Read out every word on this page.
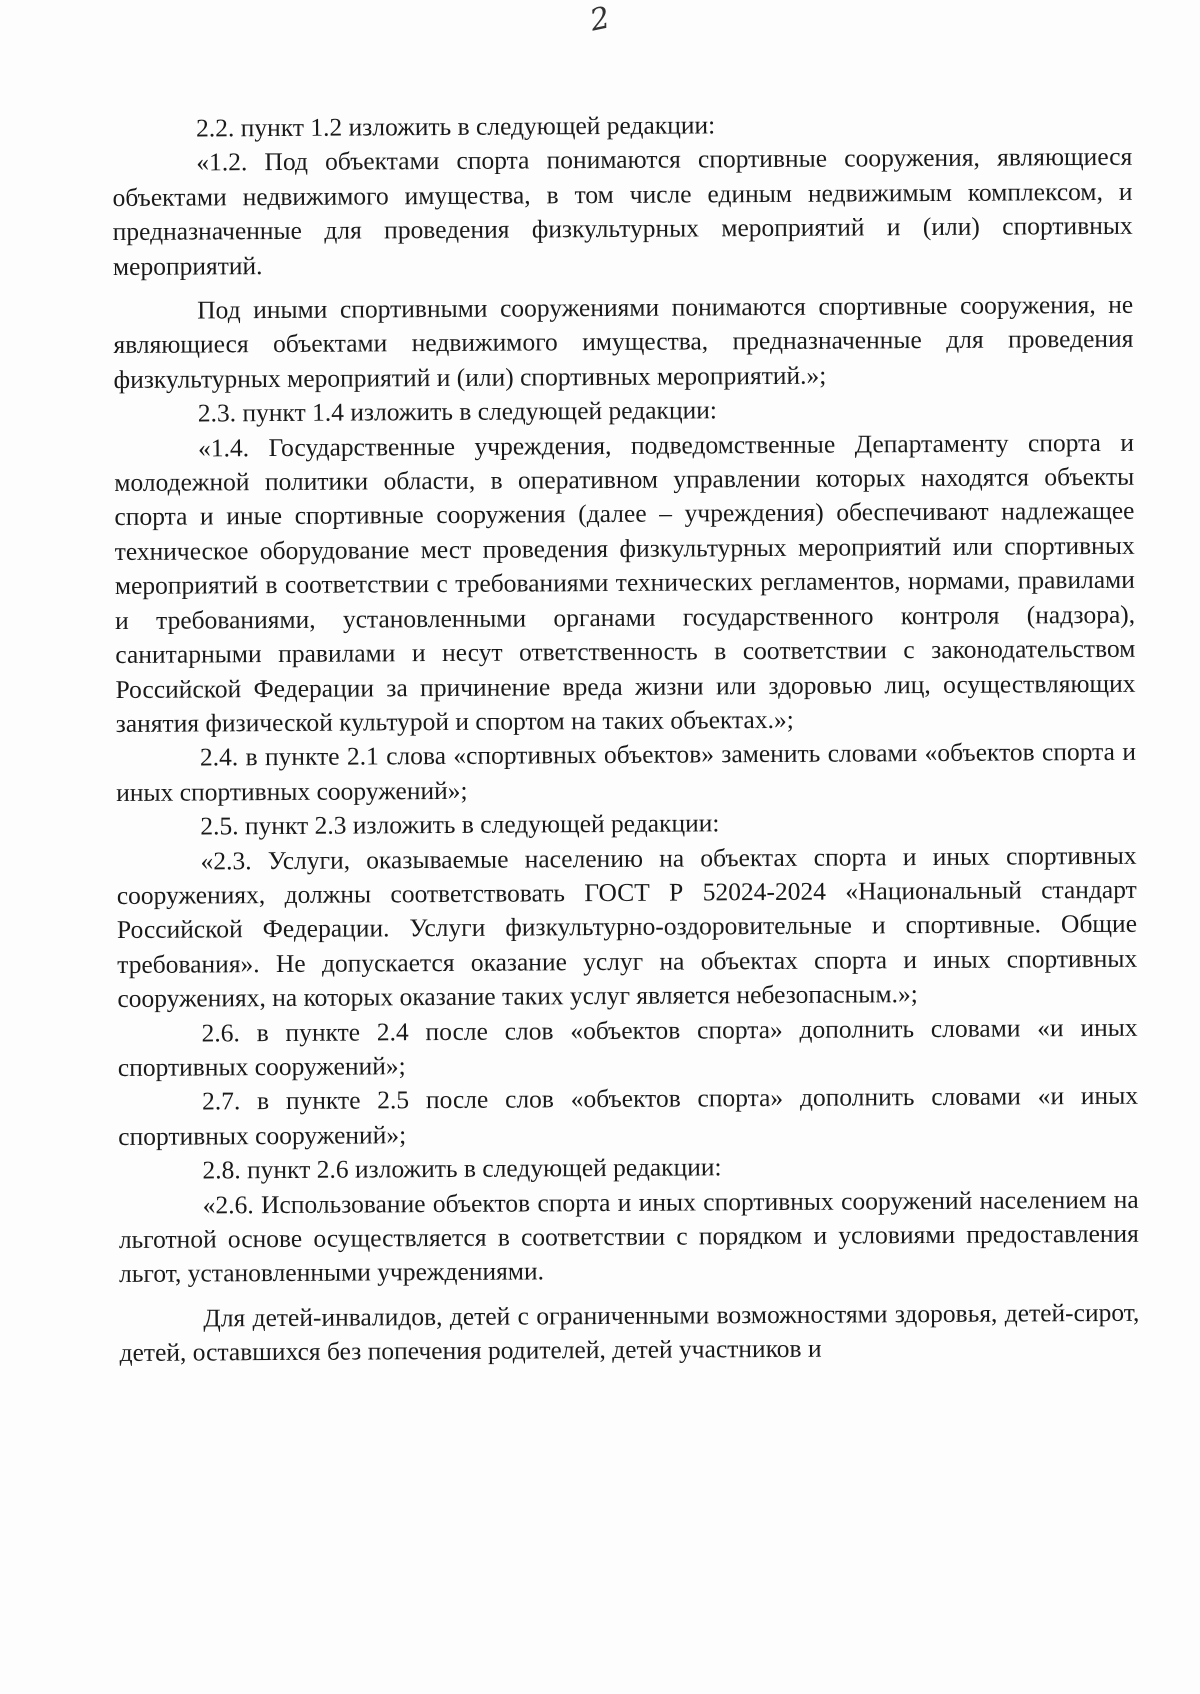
2

2.2. пункт 1.2 изложить в следующей редакции:

«1.2. Под объектами спорта понимаются спортивные сооружения, являющиеся объектами недвижимого имущества, в том числе единым недвижимым комплексом, и предназначенные для проведения физкультурных мероприятий и (или) спортивных мероприятий.

Под иными спортивными сооружениями понимаются спортивные сооружения, не являющиеся объектами недвижимого имущества, предназначенные для проведения физкультурных мероприятий и (или) спортивных мероприятий.»;

2.3. пункт 1.4 изложить в следующей редакции:

«1.4. Государственные учреждения, подведомственные Департаменту спорта и молодежной политики области, в оперативном управлении которых находятся объекты спорта и иные спортивные сооружения (далее – учреждения) обеспечивают надлежащее техническое оборудование мест проведения физкультурных мероприятий или спортивных мероприятий в соответствии с требованиями технических регламентов, нормами, правилами и требованиями, установленными органами государственного контроля (надзора), санитарными правилами и несут ответственность в соответствии с законодательством Российской Федерации за причинение вреда жизни или здоровью лиц, осуществляющих занятия физической культурой и спортом на таких объектах.»;

2.4. в пункте 2.1 слова «спортивных объектов» заменить словами «объектов спорта и иных спортивных сооружений»;

2.5. пункт 2.3 изложить в следующей редакции:

«2.3. Услуги, оказываемые населению на объектах спорта и иных спортивных сооружениях, должны соответствовать ГОСТ Р 52024-2024 «Национальный стандарт Российской Федерации. Услуги физкультурно-оздоровительные и спортивные. Общие требования». Не допускается оказание услуг на объектах спорта и иных спортивных сооружениях, на которых оказание таких услуг является небезопасным.»;

2.6. в пункте 2.4 после слов «объектов спорта» дополнить словами «и иных спортивных сооружений»;

2.7. в пункте 2.5 после слов «объектов спорта» дополнить словами «и иных спортивных сооружений»;

2.8. пункт 2.6 изложить в следующей редакции:

«2.6. Использование объектов спорта и иных спортивных сооружений населением на льготной основе осуществляется в соответствии с порядком и условиями предоставления льгот, установленными учреждениями.

Для детей-инвалидов, детей с ограниченными возможностями здоровья, детей-сирот, детей, оставшихся без попечения родителей, детей участников и
